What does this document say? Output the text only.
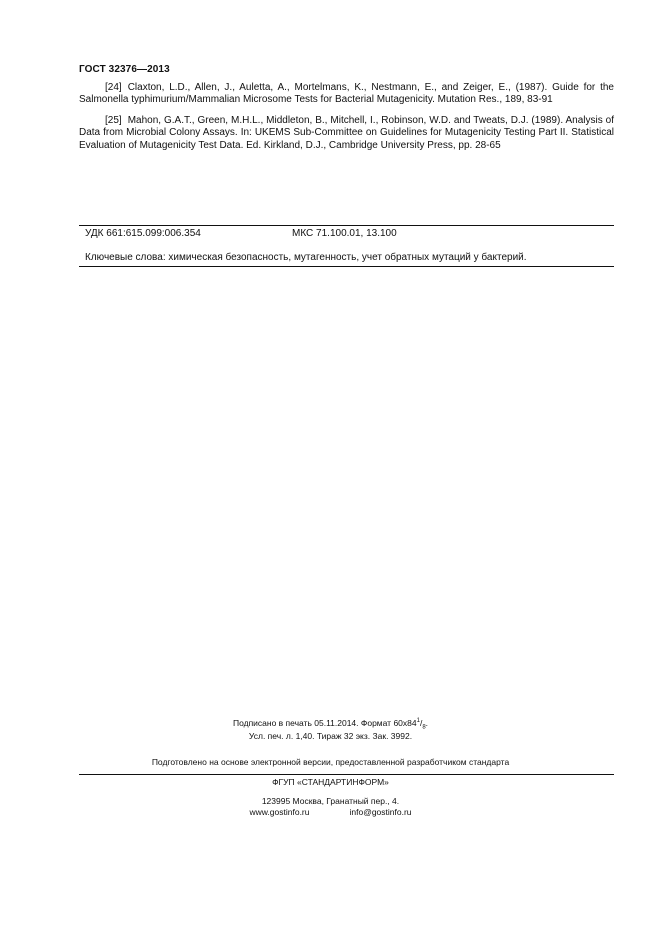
ГОСТ 32376—2013

[24] Claxton, L.D., Allen, J., Auletta, A., Mortelmans, K., Nestmann, E., and Zeiger, E., (1987). Guide for the Salmonella typhimurium/Mammalian Microsome Tests for Bacterial Mutagenicity. Mutation Res., 189, 83-91

[25] Mahon, G.A.T., Green, M.H.L., Middleton, B., Mitchell, I., Robinson, W.D. and Tweats, D.J. (1989). Analysis of Data from Microbial Colony Assays. In: UKEMS Sub-Committee on Guidelines for Mutagenicity Testing Part II. Statistical Evaluation of Mutagenicity Test Data. Ed. Kirkland, D.J., Cambridge University Press, pp. 28-65

УДК 661:615.099:006.354	МКС 71.100.01, 13.100
Ключевые слова: химическая безопасность, мутагенность, учет обратных мутаций у бактерий.
Подписано в печать 05.11.2014. Формат $60x84^1/_8$.
Усл. печ. л. 1,40. Тираж 32 экз. Зак. 3992.
Подготовлено на основе электронной версии, предоставленной разработчиком стандарта
ФГУП «СТАНДАРТИНФОРМ»
123995 Москва, Гранатный пер., 4.
www.gostinfo.ru	info@gostinfo.ru
